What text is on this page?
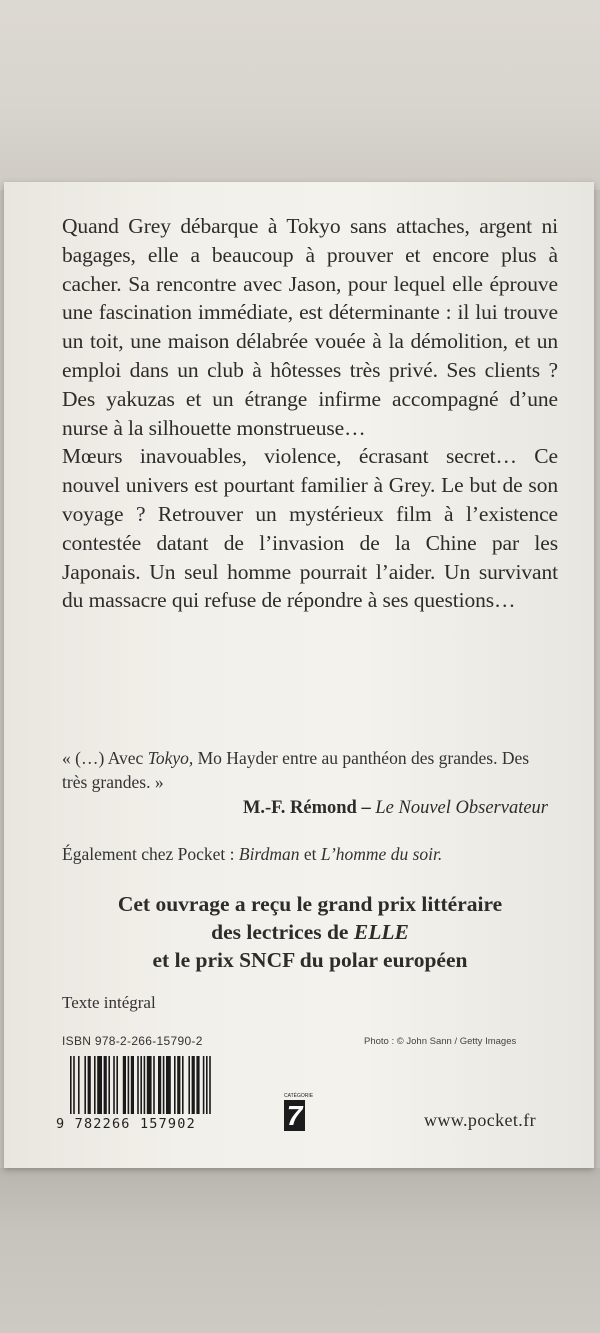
Quand Grey débarque à Tokyo sans attaches, argent ni bagages, elle a beaucoup à prouver et encore plus à cacher. Sa rencontre avec Jason, pour lequel elle éprouve une fascination immédiate, est déterminante : il lui trouve un toit, une maison délabrée vouée à la démolition, et un emploi dans un club à hôtesses très privé. Ses clients ? Des yakuzas et un étrange infirme accompagné d’une nurse à la silhouette monstrueuse…

Mœurs inavouables, violence, écrasant secret… Ce nouvel univers est pourtant familier à Grey. Le but de son voyage ? Retrouver un mystérieux film à l’existence contestée datant de l’invasion de la Chine par les Japonais. Un seul homme pourrait l’aider. Un survivant du massacre qui refuse de répondre à ses questions…

« (…) Avec Tokyo, Mo Hayder entre au panthéon des grandes. Des très grandes. »
M.-F. Rémond – Le Nouvel Observateur
Également chez Pocket : Birdman et L’homme du soir.
Cet ouvrage a reçu le grand prix littéraire
des lectrices de ELLE
et le prix SNCF du polar européen
Texte intégral
ISBN 978-2-266-15790-2	Photo : © John Sann / Getty Images
9 782266 157902
CATÉGORIE
7	www.pocket.fr
